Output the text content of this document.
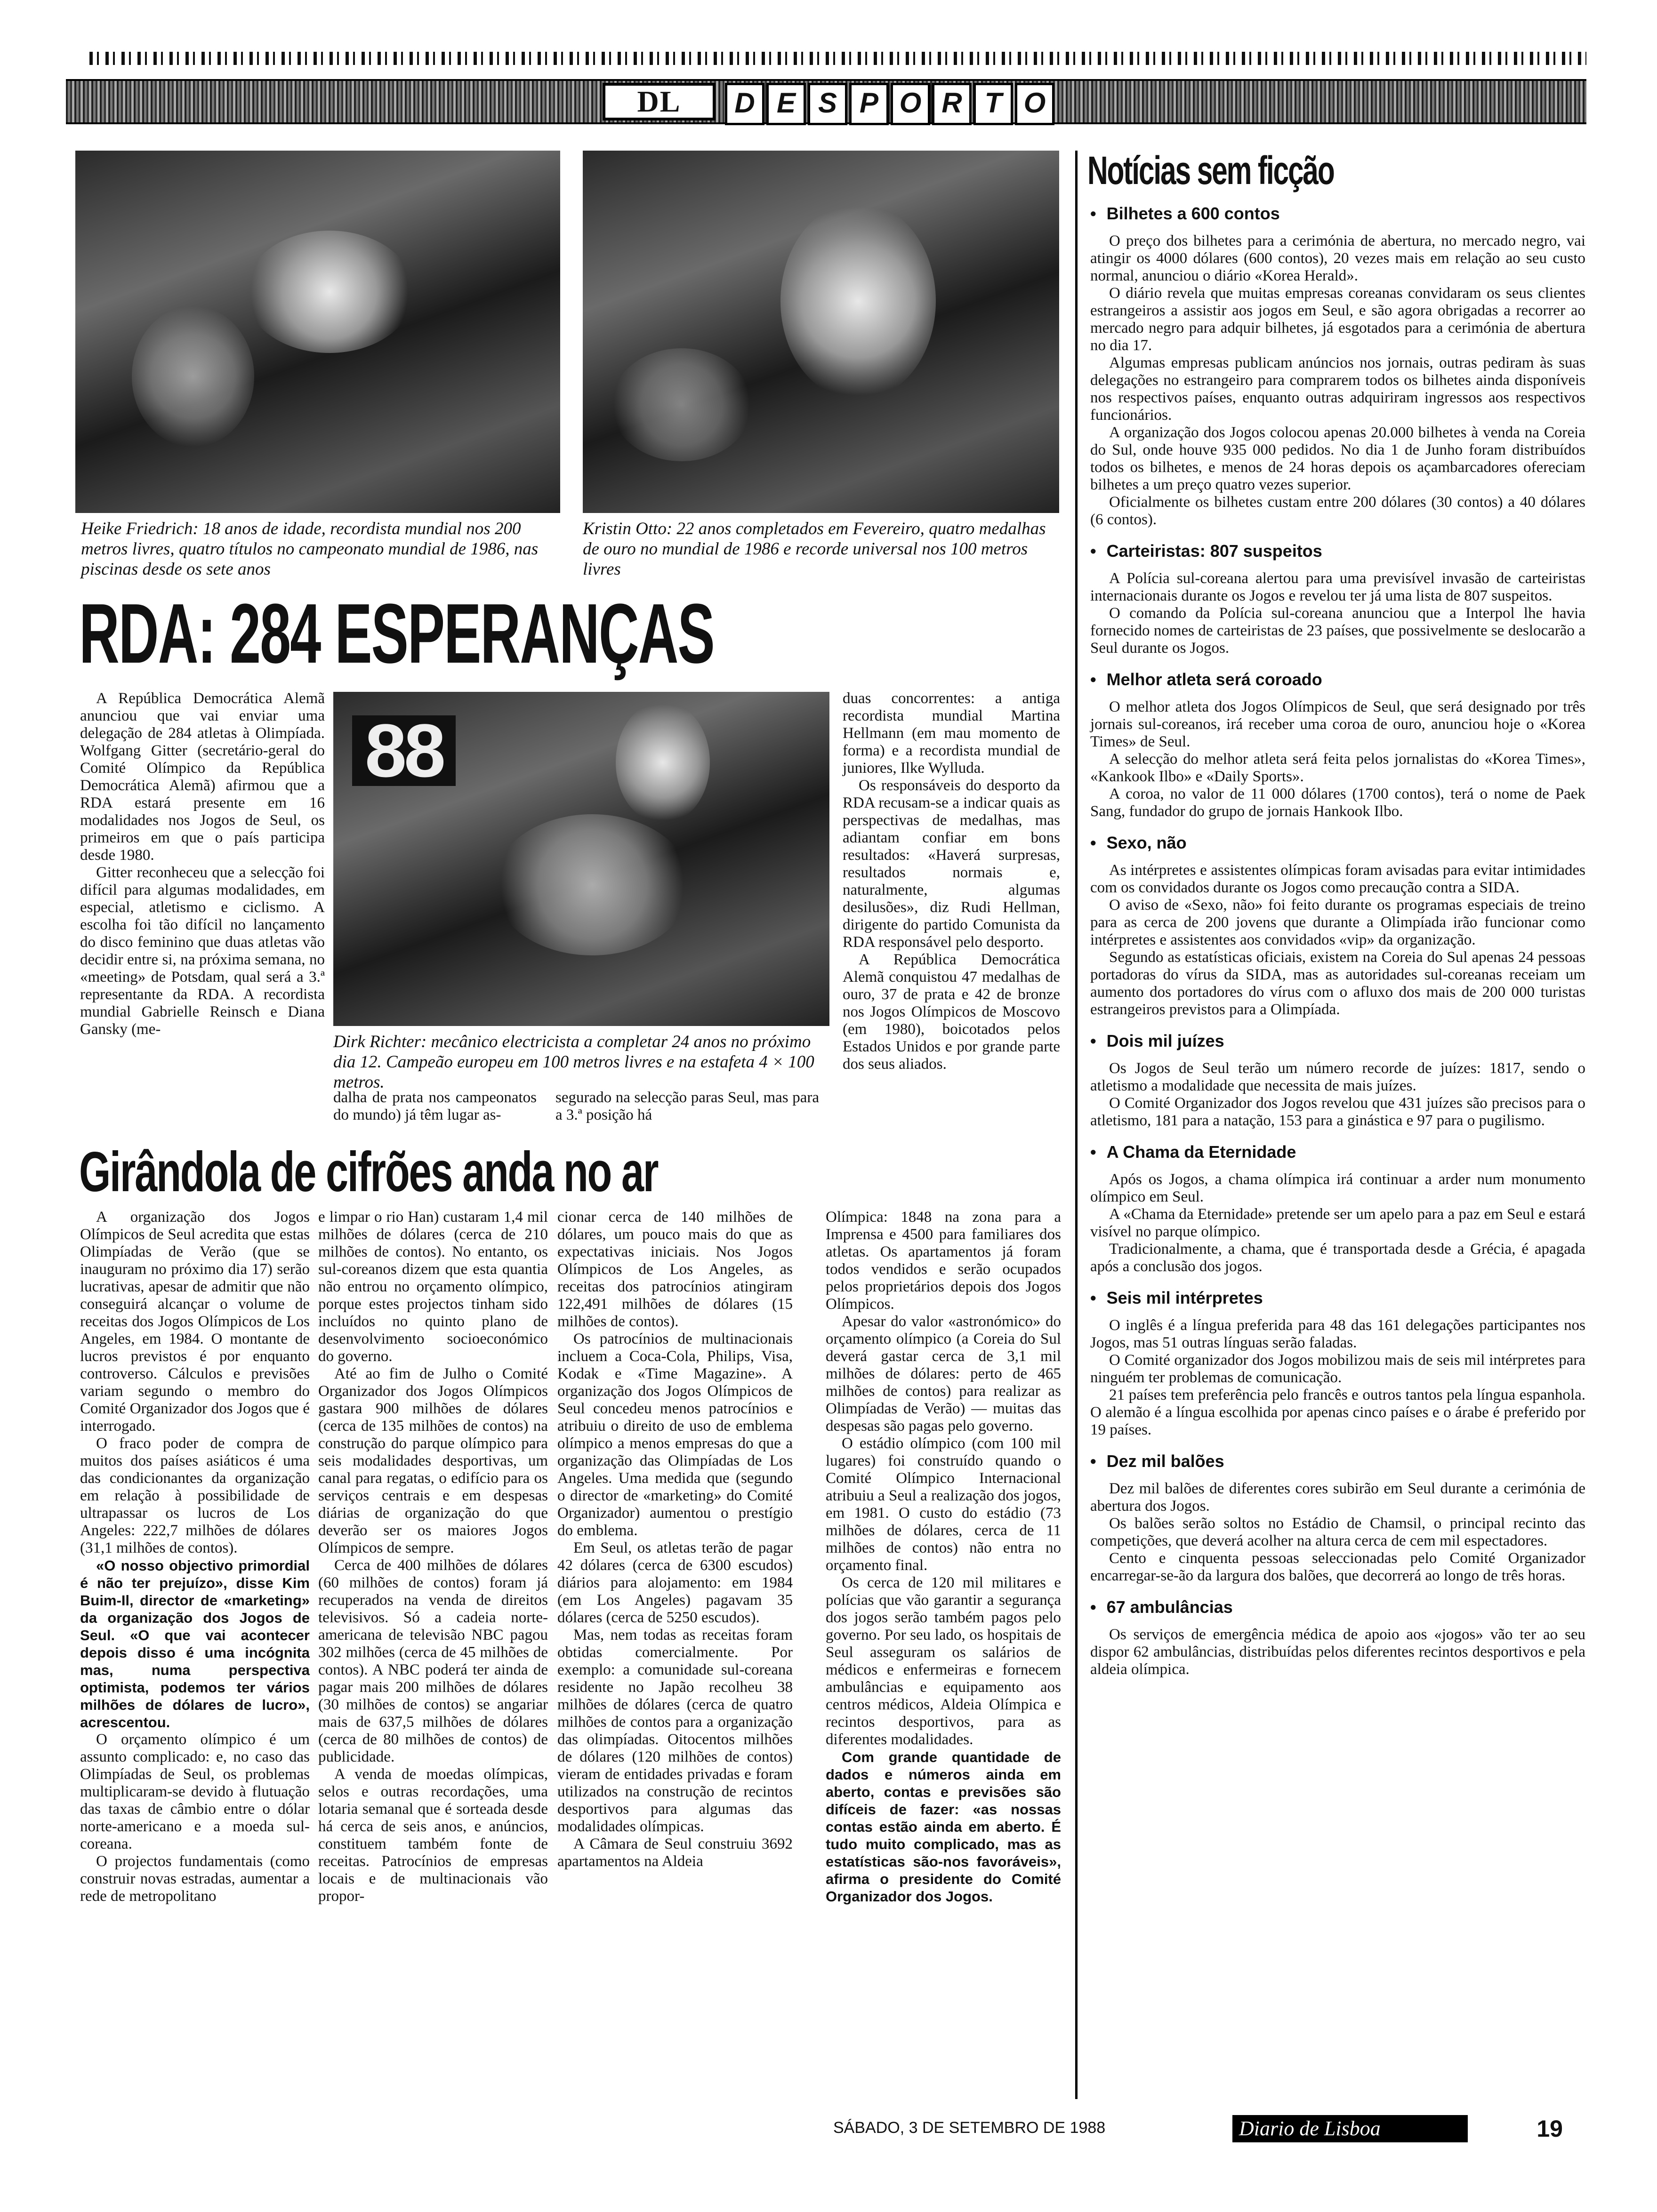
DL	D E S P O R T O
Heike Friedrich: 18 anos de idade, recordista mundial nos 200 metros livres, quatro títulos no campeonato mundial de 1986, nas piscinas desde os sete anos
Kristin Otto: 22 anos completados em Fevereiro, quatro medalhas de ouro no mundial de 1986 e recorde universal nos 100 metros livres
RDA: 284 ESPERANÇAS

A República Democrática Alemã anunciou que vai enviar uma delegação de 284 atletas à Olimpíada. Wolfgang Gitter (secretário-geral do Comité Olímpico da República Democrática Alemã) afirmou que a RDA estará presente em 16 modalidades nos Jogos de Seul, os primeiros em que o país participa desde 1980.

Gitter reconheceu que a selecção foi difícil para algumas modalidades, em especial, atletismo e ciclismo. A escolha foi tão difícil no lançamento do disco feminino que duas atletas vão decidir entre si, na próxima semana, no «meeting» de Potsdam, qual será a 3.ª representante da RDA. A recordista mundial Gabrielle Reinsch e Diana Gansky (me-

88
Dirk Richter: mecânico electricista a completar 24 anos no próximo dia 12. Campeão europeu em 100 metros livres e na estafeta 4 × 100 metros.

dalha de prata nos campeonatos do mundo) já têm lugar as-

segurado na selecção paras Seul, mas para a 3.ª posição há

duas concorrentes: a antiga recordista mundial Martina Hellmann (em mau momento de forma) e a recordista mundial de juniores, Ilke Wylluda.

Os responsáveis do desporto da RDA recusam-se a indicar quais as perspectivas de medalhas, mas adiantam confiar em bons resultados: «Haverá surpresas, resultados normais e, naturalmente, algumas desilusões», diz Rudi Hellman, dirigente do partido Comunista da RDA responsável pelo desporto.

A República Democrática Alemã conquistou 47 medalhas de ouro, 37 de prata e 42 de bronze nos Jogos Olímpicos de Moscovo (em 1980), boicotados pelos Estados Unidos e por grande parte dos seus aliados.

Girândola de cifrões anda no ar

A organização dos Jogos Olímpicos de Seul acredita que estas Olimpíadas de Verão (que se inauguram no próximo dia 17) serão lucrativas, apesar de admitir que não conseguirá alcançar o volume de receitas dos Jogos Olímpicos de Los Angeles, em 1984. O montante de lucros previstos é por enquanto controverso. Cálculos e previsões variam segundo o membro do Comité Organizador dos Jogos que é interrogado.

O fraco poder de compra de muitos dos países asiáticos é uma das condicionantes da organização em relação à possibilidade de ultrapassar os lucros de Los Angeles: 222,7 milhões de dólares (31,1 milhões de contos).

«O nosso objectivo primordial é não ter prejuízo», disse Kim Buim-Il, director de «marketing» da organização dos Jogos de Seul. «O que vai acontecer depois disso é uma incógnita mas, numa perspectiva optimista, podemos ter vários milhões de dólares de lucro», acrescentou.

O orçamento olímpico é um assunto complicado: e, no caso das Olimpíadas de Seul, os problemas multiplicaram-se devido à flutuação das taxas de câmbio entre o dólar norte-americano e a moeda sul-coreana.

O projectos fundamentais (como construir novas estradas, aumentar a rede de metropolitano

e limpar o rio Han) custaram 1,4 mil milhões de dólares (cerca de 210 milhões de contos). No entanto, os sul-coreanos dizem que esta quantia não entrou no orçamento olímpico, porque estes projectos tinham sido incluídos no quinto plano de desenvolvimento socioeconómico do governo.

Até ao fim de Julho o Comité Organizador dos Jogos Olímpicos gastara 900 milhões de dólares (cerca de 135 milhões de contos) na construção do parque olímpico para seis modalidades desportivas, um canal para regatas, o edifício para os serviços centrais e em despesas diárias de organização do que deverão ser os maiores Jogos Olímpicos de sempre.

Cerca de 400 milhões de dólares (60 milhões de contos) foram já recuperados na venda de direitos televisivos. Só a cadeia norte-americana de televisão NBC pagou 302 milhões (cerca de 45 milhões de contos). A NBC poderá ter ainda de pagar mais 200 milhões de dólares (30 milhões de contos) se angariar mais de 637,5 milhões de dólares (cerca de 80 milhões de contos) de publicidade.

A venda de moedas olímpicas, selos e outras recordações, uma lotaria semanal que é sorteada desde há cerca de seis anos, e anúncios, constituem também fonte de receitas. Patrocínios de empresas locais e de multinacionais vão propor-

cionar cerca de 140 milhões de dólares, um pouco mais do que as expectativas iniciais. Nos Jogos Olímpicos de Los Angeles, as receitas dos patrocínios atingiram 122,491 milhões de dólares (15 milhões de contos).

Os patrocínios de multinacionais incluem a Coca-Cola, Philips, Visa, Kodak e «Time Magazine». A organização dos Jogos Olímpicos de Seul concedeu menos patrocínios e atribuiu o direito de uso de emblema olímpico a menos empresas do que a organização das Olimpíadas de Los Angeles. Uma medida que (segundo o director de «marketing» do Comité Organizador) aumentou o prestígio do emblema.

Em Seul, os atletas terão de pagar 42 dólares (cerca de 6300 escudos) diários para alojamento: em 1984 (em Los Angeles) pagavam 35 dólares (cerca de 5250 escudos).

Mas, nem todas as receitas foram obtidas comercialmente. Por exemplo: a comunidade sul-coreana residente no Japão recolheu 38 milhões de dólares (cerca de quatro milhões de contos para a organização das olimpíadas. Oitocentos milhões de dólares (120 milhões de contos) vieram de entidades privadas e foram utilizados na construção de recintos desportivos para algumas das modalidades olímpicas.

A Câmara de Seul construiu 3692 apartamentos na Aldeia

Olímpica: 1848 na zona para a Imprensa e 4500 para familiares dos atletas. Os apartamentos já foram todos vendidos e serão ocupados pelos proprietários depois dos Jogos Olímpicos.

Apesar do valor «astronómico» do orçamento olímpico (a Coreia do Sul deverá gastar cerca de 3,1 mil milhões de dólares: perto de 465 milhões de contos) para realizar as Olimpíadas de Verão) — muitas das despesas são pagas pelo governo.

O estádio olímpico (com 100 mil lugares) foi construído quando o Comité Olímpico Internacional atribuiu a Seul a realização dos jogos, em 1981. O custo do estádio (73 milhões de dólares, cerca de 11 milhões de contos) não entra no orçamento final.

Os cerca de 120 mil militares e polícias que vão garantir a segurança dos jogos serão também pagos pelo governo. Por seu lado, os hospitais de Seul asseguram os salários de médicos e enfermeiras e fornecem ambulâncias e equipamento aos centros médicos, Aldeia Olímpica e recintos desportivos, para as diferentes modalidades.

Com grande quantidade de dados e números ainda em aberto, contas e previsões são difíceis de fazer: «as nossas contas estão ainda em aberto. É tudo muito complicado, mas as estatísticas são-nos favoráveis», afirma o presidente do Comité Organizador dos Jogos.

Notícias sem ficção
• Bilhetes a 600 contos

O preço dos bilhetes para a cerimónia de abertura, no mercado negro, vai atingir os 4000 dólares (600 contos), 20 vezes mais em relação ao seu custo normal, anunciou o diário «Korea Herald».

O diário revela que muitas empresas coreanas convidaram os seus clientes estrangeiros a assistir aos jogos em Seul, e são agora obrigadas a recorrer ao mercado negro para adquir bilhetes, já esgotados para a cerimónia de abertura no dia 17.

Algumas empresas publicam anúncios nos jornais, outras pediram às suas delegações no estrangeiro para comprarem todos os bilhetes ainda disponíveis nos respectivos países, enquanto outras adquiriram ingressos aos respectivos funcionários.

A organização dos Jogos colocou apenas 20.000 bilhetes à venda na Coreia do Sul, onde houve 935 000 pedidos. No dia 1 de Junho foram distribuídos todos os bilhetes, e menos de 24 horas depois os açambarcadores ofereciam bilhetes a um preço quatro vezes superior.

Oficialmente os bilhetes custam entre 200 dólares (30 contos) a 40 dólares (6 contos).

• Carteiristas: 807 suspeitos

A Polícia sul-coreana alertou para uma previsível invasão de carteiristas internacionais durante os Jogos e revelou ter já uma lista de 807 suspeitos.

O comando da Polícia sul-coreana anunciou que a Interpol lhe havia fornecido nomes de carteiristas de 23 países, que possivelmente se deslocarão a Seul durante os Jogos.

• Melhor atleta será coroado

O melhor atleta dos Jogos Olímpicos de Seul, que será designado por três jornais sul-coreanos, irá receber uma coroa de ouro, anunciou hoje o «Korea Times» de Seul.

A selecção do melhor atleta será feita pelos jornalistas do «Korea Times», «Kankook Ilbo» e «Daily Sports».

A coroa, no valor de 11 000 dólares (1700 contos), terá o nome de Paek Sang, fundador do grupo de jornais Hankook Ilbo.

• Sexo, não

As intérpretes e assistentes olímpicas foram avisadas para evitar intimidades com os convidados durante os Jogos como precaução contra a SIDA.

O aviso de «Sexo, não» foi feito durante os programas especiais de treino para as cerca de 200 jovens que durante a Olimpíada irão funcionar como intérpretes e assistentes aos convidados «vip» da organização.

Segundo as estatísticas oficiais, existem na Coreia do Sul apenas 24 pessoas portadoras do vírus da SIDA, mas as autoridades sul-coreanas receiam um aumento dos portadores do vírus com o afluxo dos mais de 200 000 turistas estrangeiros previstos para a Olimpíada.

• Dois mil juízes

Os Jogos de Seul terão um número recorde de juízes: 1817, sendo o atletismo a modalidade que necessita de mais juízes.

O Comité Organizador dos Jogos revelou que 431 juízes são precisos para o atletismo, 181 para a natação, 153 para a ginástica e 97 para o pugilismo.

• A Chama da Eternidade

Após os Jogos, a chama olímpica irá continuar a arder num monumento olímpico em Seul.

A «Chama da Eternidade» pretende ser um apelo para a paz em Seul e estará visível no parque olímpico.

Tradicionalmente, a chama, que é transportada desde a Grécia, é apagada após a conclusão dos jogos.

• Seis mil intérpretes

O inglês é a língua preferida para 48 das 161 delegações participantes nos Jogos, mas 51 outras línguas serão faladas.

O Comité organizador dos Jogos mobilizou mais de seis mil intérpretes para ninguém ter problemas de comunicação.

21 países tem preferência pelo francês e outros tantos pela língua espanhola. O alemão é a língua escolhida por apenas cinco países e o árabe é preferido por 19 países.

• Dez mil balões

Dez mil balões de diferentes cores subirão em Seul durante a cerimónia de abertura dos Jogos.

Os balões serão soltos no Estádio de Chamsil, o principal recinto das competições, que deverá acolher na altura cerca de cem mil espectadores.

Cento e cinquenta pessoas seleccionadas pelo Comité Organizador encarregar-se-ão da largura dos balões, que decorrerá ao longo de três horas.

• 67 ambulâncias

Os serviços de emergência médica de apoio aos «jogos» vão ter ao seu dispor 62 ambulâncias, distribuídas pelos diferentes recintos desportivos e pela aldeia olímpica.

SÁBADO, 3 DE SETEMBRO DE 1988	Diario de Lisboa	19
